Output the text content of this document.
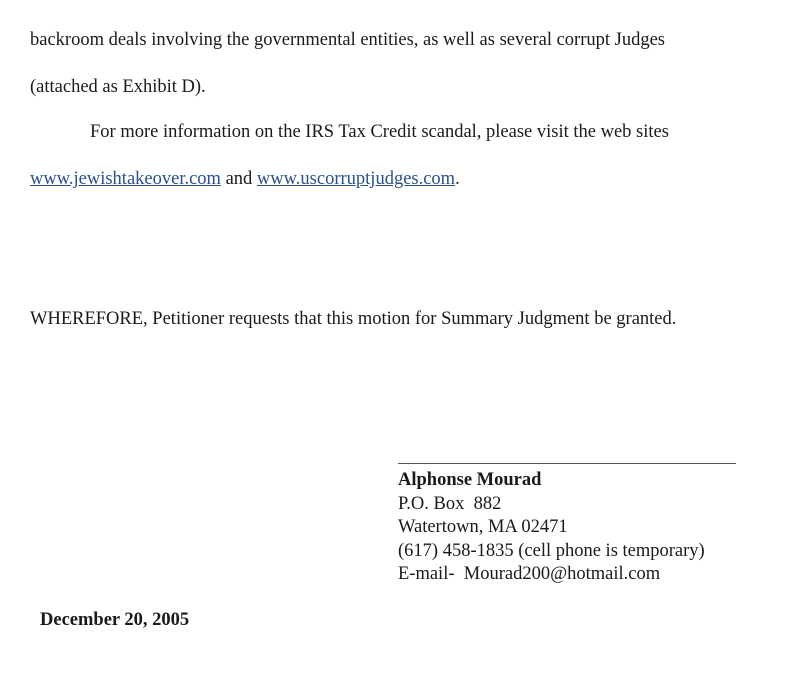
backroom deals involving the governmental entities, as well as several corrupt Judges
(attached as Exhibit D).
For more information on the IRS Tax Credit scandal, please visit the web sites
www.jewishtakeover.com and www.uscorruptjudges.com.
WHEREFORE, Petitioner requests that this motion for Summary Judgment be granted.
Alphonse Mourad
P.O. Box  882
Watertown, MA 02471
(617) 458-1835 (cell phone is temporary)
E-mail-  Mourad200@hotmail.com
December 20, 2005
